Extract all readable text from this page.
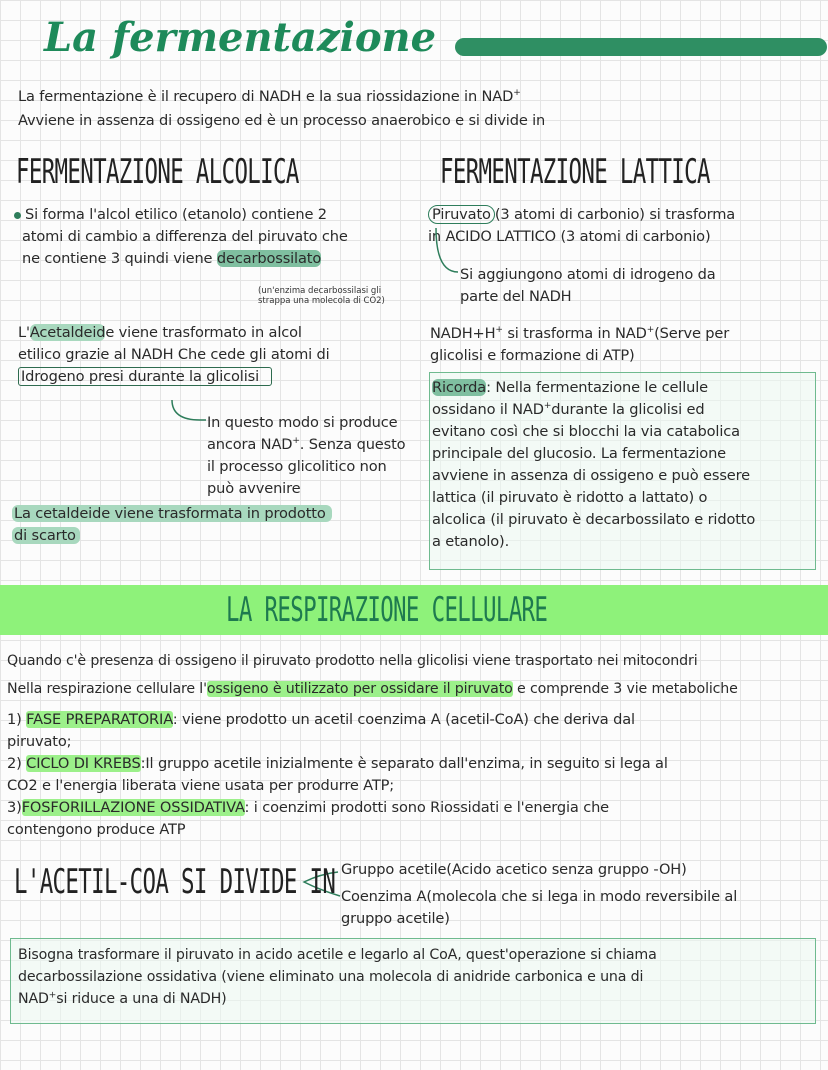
La fermentazione
La fermentazione è il recupero di NADH e la sua riossidazione in NAD+
Avviene in assenza di ossigeno ed è un processo anaerobico e si divide in
FERMENTAZIONE ALCOLICA	FERMENTAZIONE LATTICA
Si forma l'alcol etilico (etanolo) contiene 2
atomi di cambio a differenza del piruvato che
ne contiene 3 quindi viene decarbossilato
(un'enzima decarbossilasi gli
strappa una molecola di CO2)
L'Acetaldeide viene trasformato in alcol
etilico grazie al NADH Che cede gli atomi di
Idrogeno presi durante la glicolisi
In questo modo si produce
ancora NAD+. Senza questo
il processo glicolitico non
può avvenire
La cetaldeide viene trasformata in prodotto
di scarto
Piruvato (3 atomi di carbonio) si trasforma
in ACIDO LATTICO (3 atomi di carbonio)
Si aggiungono atomi di idrogeno da
parte del NADH
NADH+H+ si trasforma in NAD+(Serve per
glicolisi e formazione di ATP)
Ricorda: Nella fermentazione le cellule
ossidano il NAD+durante la glicolisi ed
evitano così che si blocchi la via catabolica
principale del glucosio. La fermentazione
avviene in assenza di ossigeno e può essere
lattica (il piruvato è ridotto a lattato) o
alcolica (il piruvato è decarbossilato e ridotto
a etanolo).
LA RESPIRAZIONE CELLULARE
Quando c'è presenza di ossigeno il piruvato prodotto nella glicolisi viene trasportato nei mitocondri
Nella respirazione cellulare l'ossigeno è utilizzato per ossidare il piruvato e comprende 3 vie metaboliche
1) FASE PREPARATORIA: viene prodotto un acetil coenzima A (acetil-CoA) che deriva dal
piruvato;
2) CICLO DI KREBS:Il gruppo acetile inizialmente è separato dall'enzima, in seguito si lega al
CO2 e l'energia liberata viene usata per produrre ATP;
3)FOSFORILLAZIONE OSSIDATIVA: i coenzimi prodotti sono Riossidati e l'energia che
contengono produce ATP
L'ACETIL-COA SI DIVIDE IN Gruppo acetile(Acido acetico senza gruppo -OH)
Coenzima A(molecola che si lega in modo reversibile al
gruppo acetile)
Bisogna trasformare il piruvato in acido acetile e legarlo al CoA, quest'operazione si chiama
decarbossilazione ossidativa (viene eliminato una molecola di anidride carbonica e una di
NAD+si riduce a una di NADH)
